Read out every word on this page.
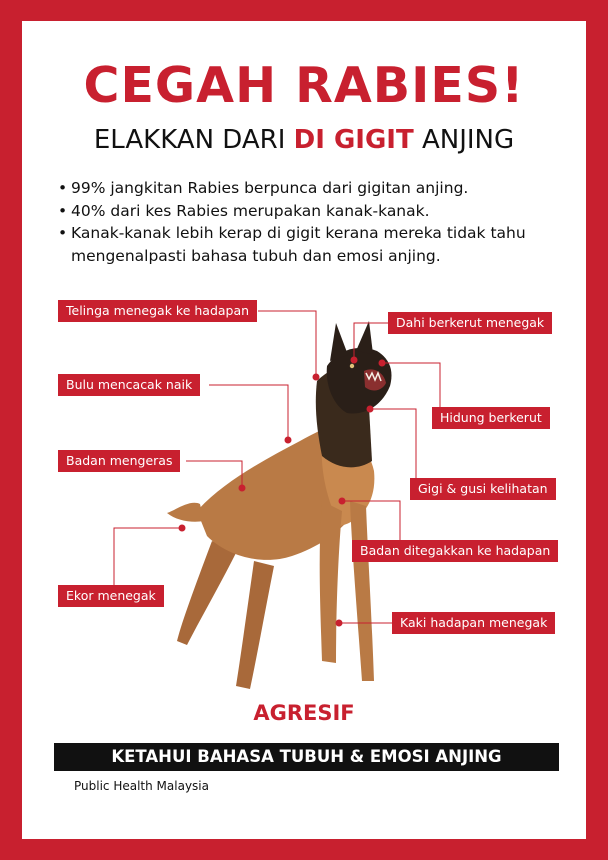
CEGAH RABIES!

ELAKKAN DARI DI GIGIT ANJING

• 99% jangkitan Rabies berpunca dari gigitan anjing.
• 40% dari kes Rabies merupakan kanak-kanak.
• Kanak-kanak lebih kerap di gigit kerana mereka tidak tahu mengenalpasti bahasa tubuh dan emosi anjing.
Telinga menegak ke hadapan
Dahi berkerut menegak
Bulu mencacak naik
Hidung berkerut
Badan mengeras
Gigi & gusi kelihatan
Badan ditegakkan ke hadapan
Ekor menegak
Kaki hadapan menegak

AGRESIF

KETAHUI BAHASA TUBUH & EMOSI ANJING
Public Health Malaysia
